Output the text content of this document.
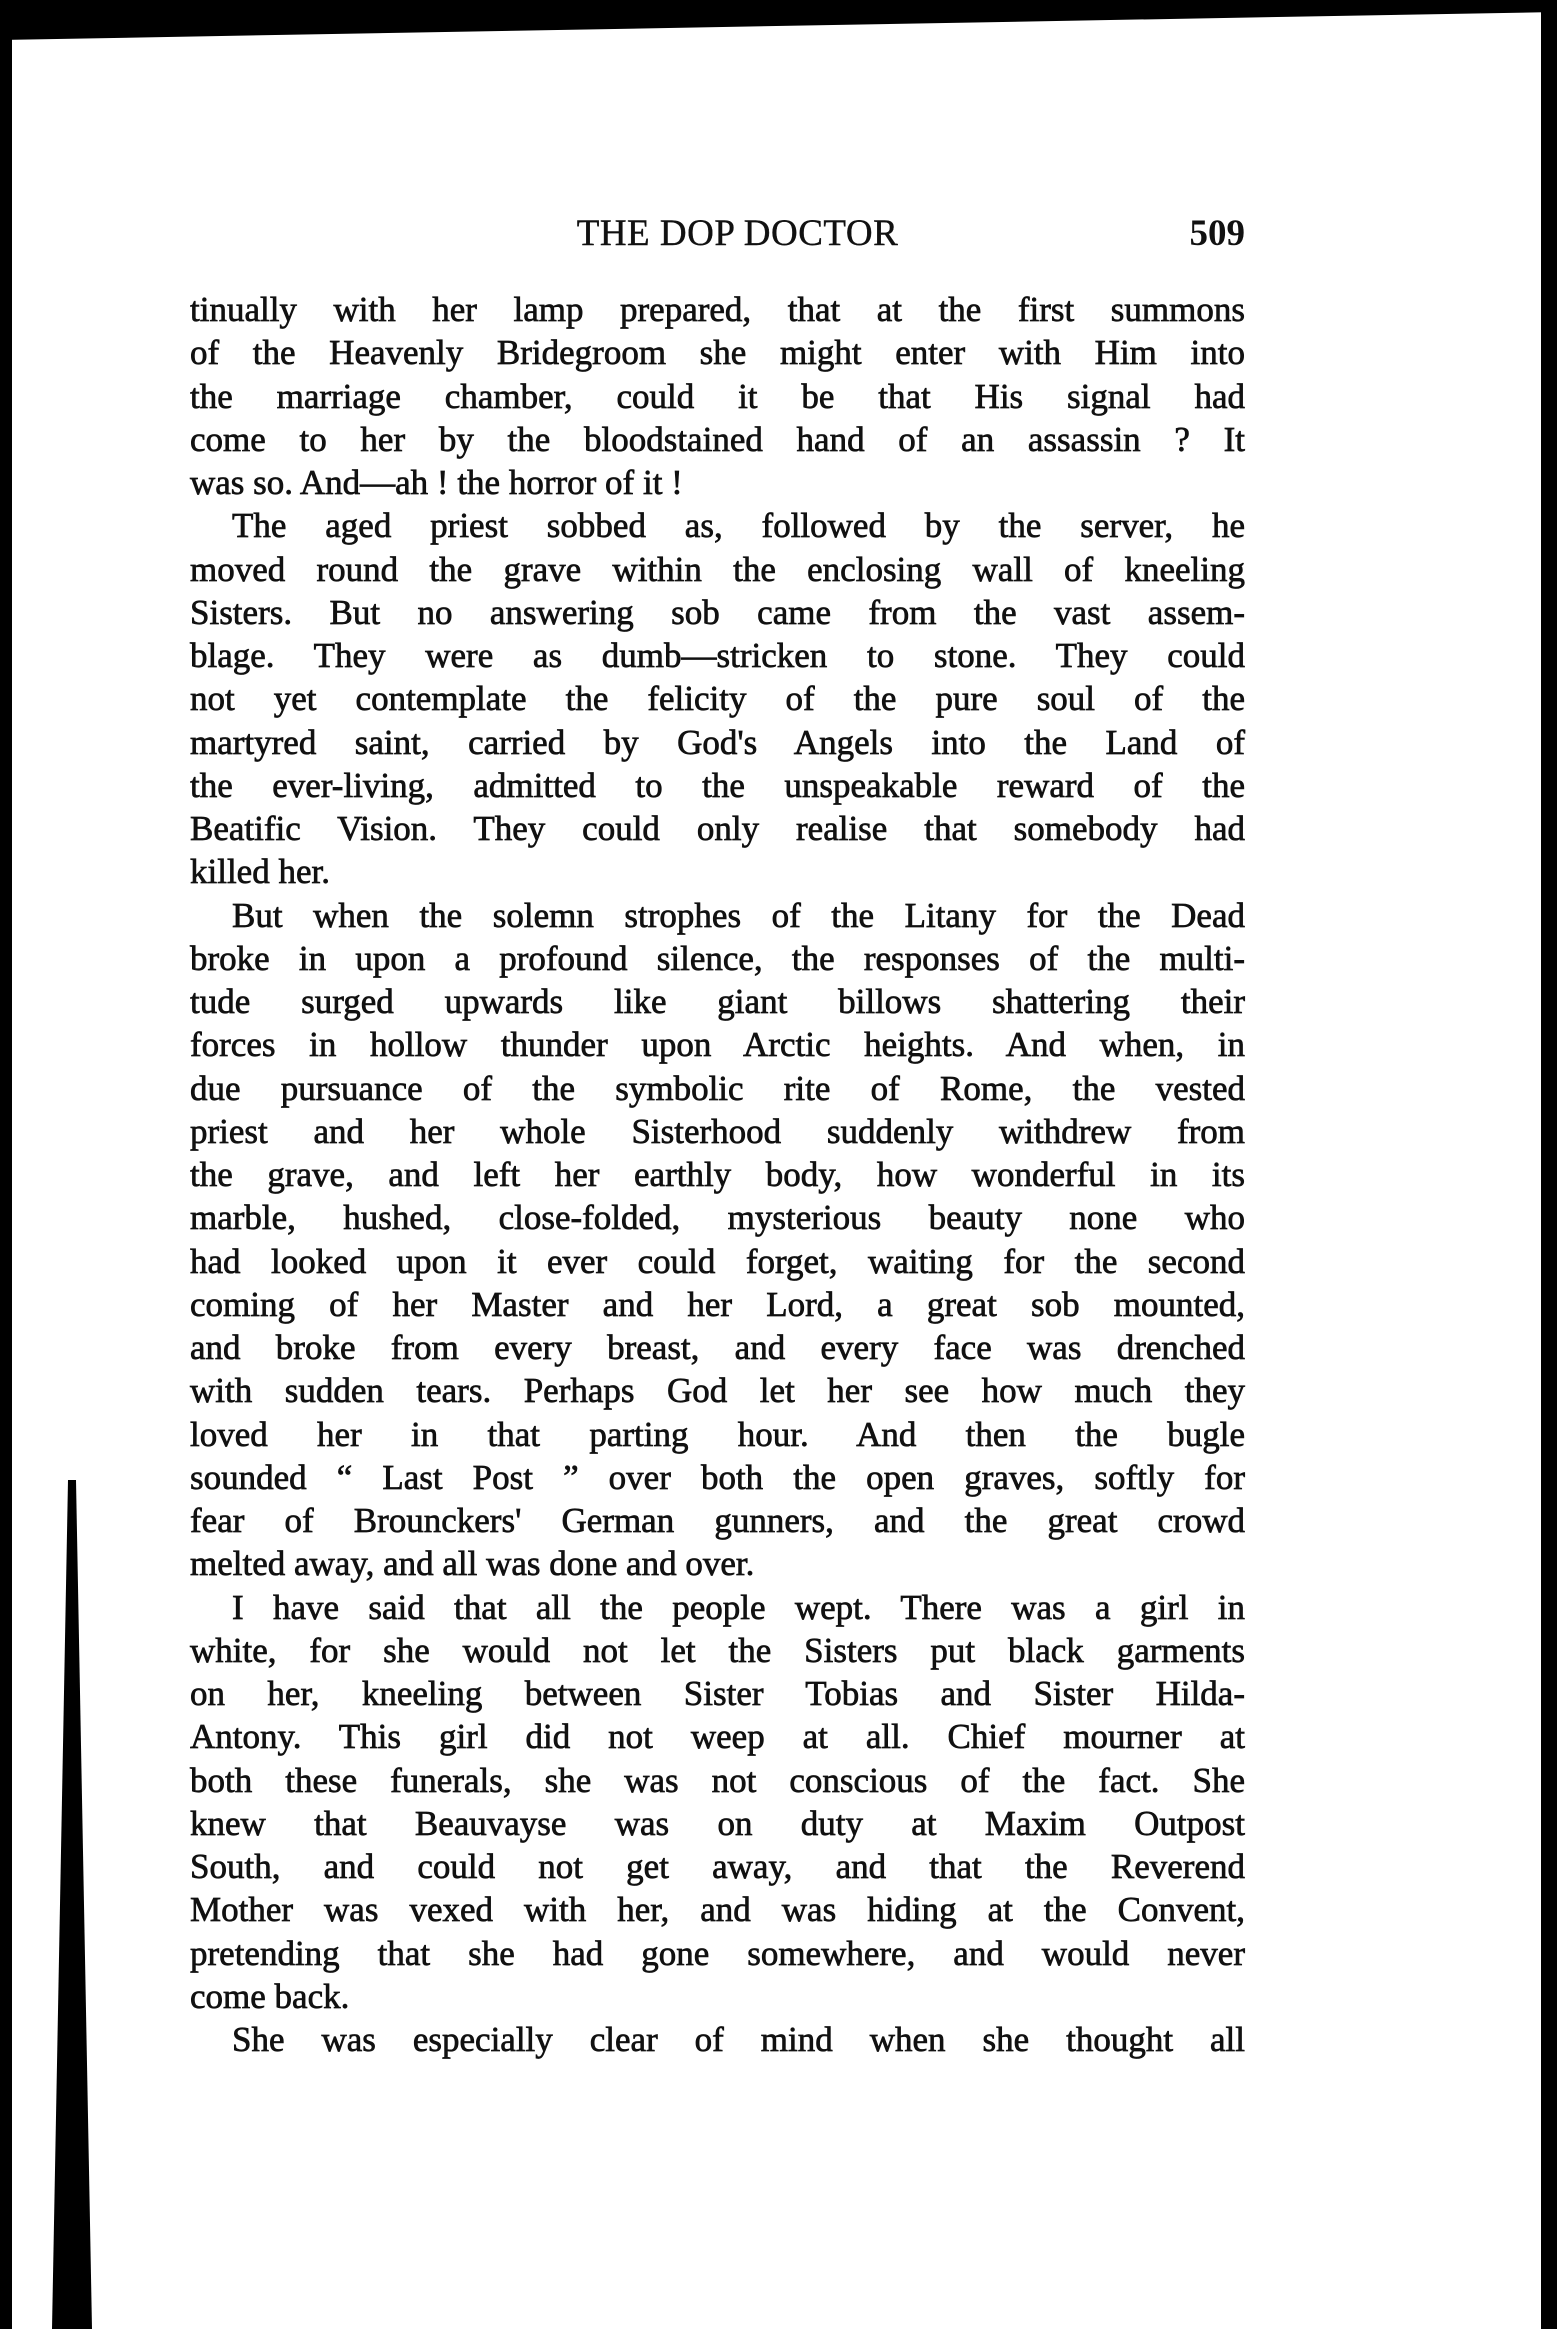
THE DOP DOCTOR	509
tinually with her lamp prepared, that at the first summons
of the Heavenly Bridegroom she might enter with Him into
the marriage chamber, could it be that His signal had
come to her by the bloodstained hand of an assassin ? It
was so. And—ah ! the horror of it !
The aged priest sobbed as, followed by the server, he
moved round the grave within the enclosing wall of kneeling
Sisters. But no answering sob came from the vast assem-
blage. They were as dumb—stricken to stone. They could
not yet contemplate the felicity of the pure soul of the
martyred saint, carried by God's Angels into the Land of
the ever-living, admitted to the unspeakable reward of the
Beatific Vision. They could only realise that somebody had
killed her.
But when the solemn strophes of the Litany for the Dead
broke in upon a profound silence, the responses of the multi-
tude surged upwards like giant billows shattering their
forces in hollow thunder upon Arctic heights. And when, in
due pursuance of the symbolic rite of Rome, the vested
priest and her whole Sisterhood suddenly withdrew from
the grave, and left her earthly body, how wonderful in its
marble, hushed, close-folded, mysterious beauty none who
had looked upon it ever could forget, waiting for the second
coming of her Master and her Lord, a great sob mounted,
and broke from every breast, and every face was drenched
with sudden tears. Perhaps God let her see how much they
loved her in that parting hour. And then the bugle
sounded “ Last Post ” over both the open graves, softly for
fear of Brounckers' German gunners, and the great crowd
melted away, and all was done and over.
I have said that all the people wept. There was a girl in
white, for she would not let the Sisters put black garments
on her, kneeling between Sister Tobias and Sister Hilda-
Antony. This girl did not weep at all. Chief mourner at
both these funerals, she was not conscious of the fact. She
knew that Beauvayse was on duty at Maxim Outpost
South, and could not get away, and that the Reverend
Mother was vexed with her, and was hiding at the Convent,
pretending that she had gone somewhere, and would never
come back.
She was especially clear of mind when she thought all
